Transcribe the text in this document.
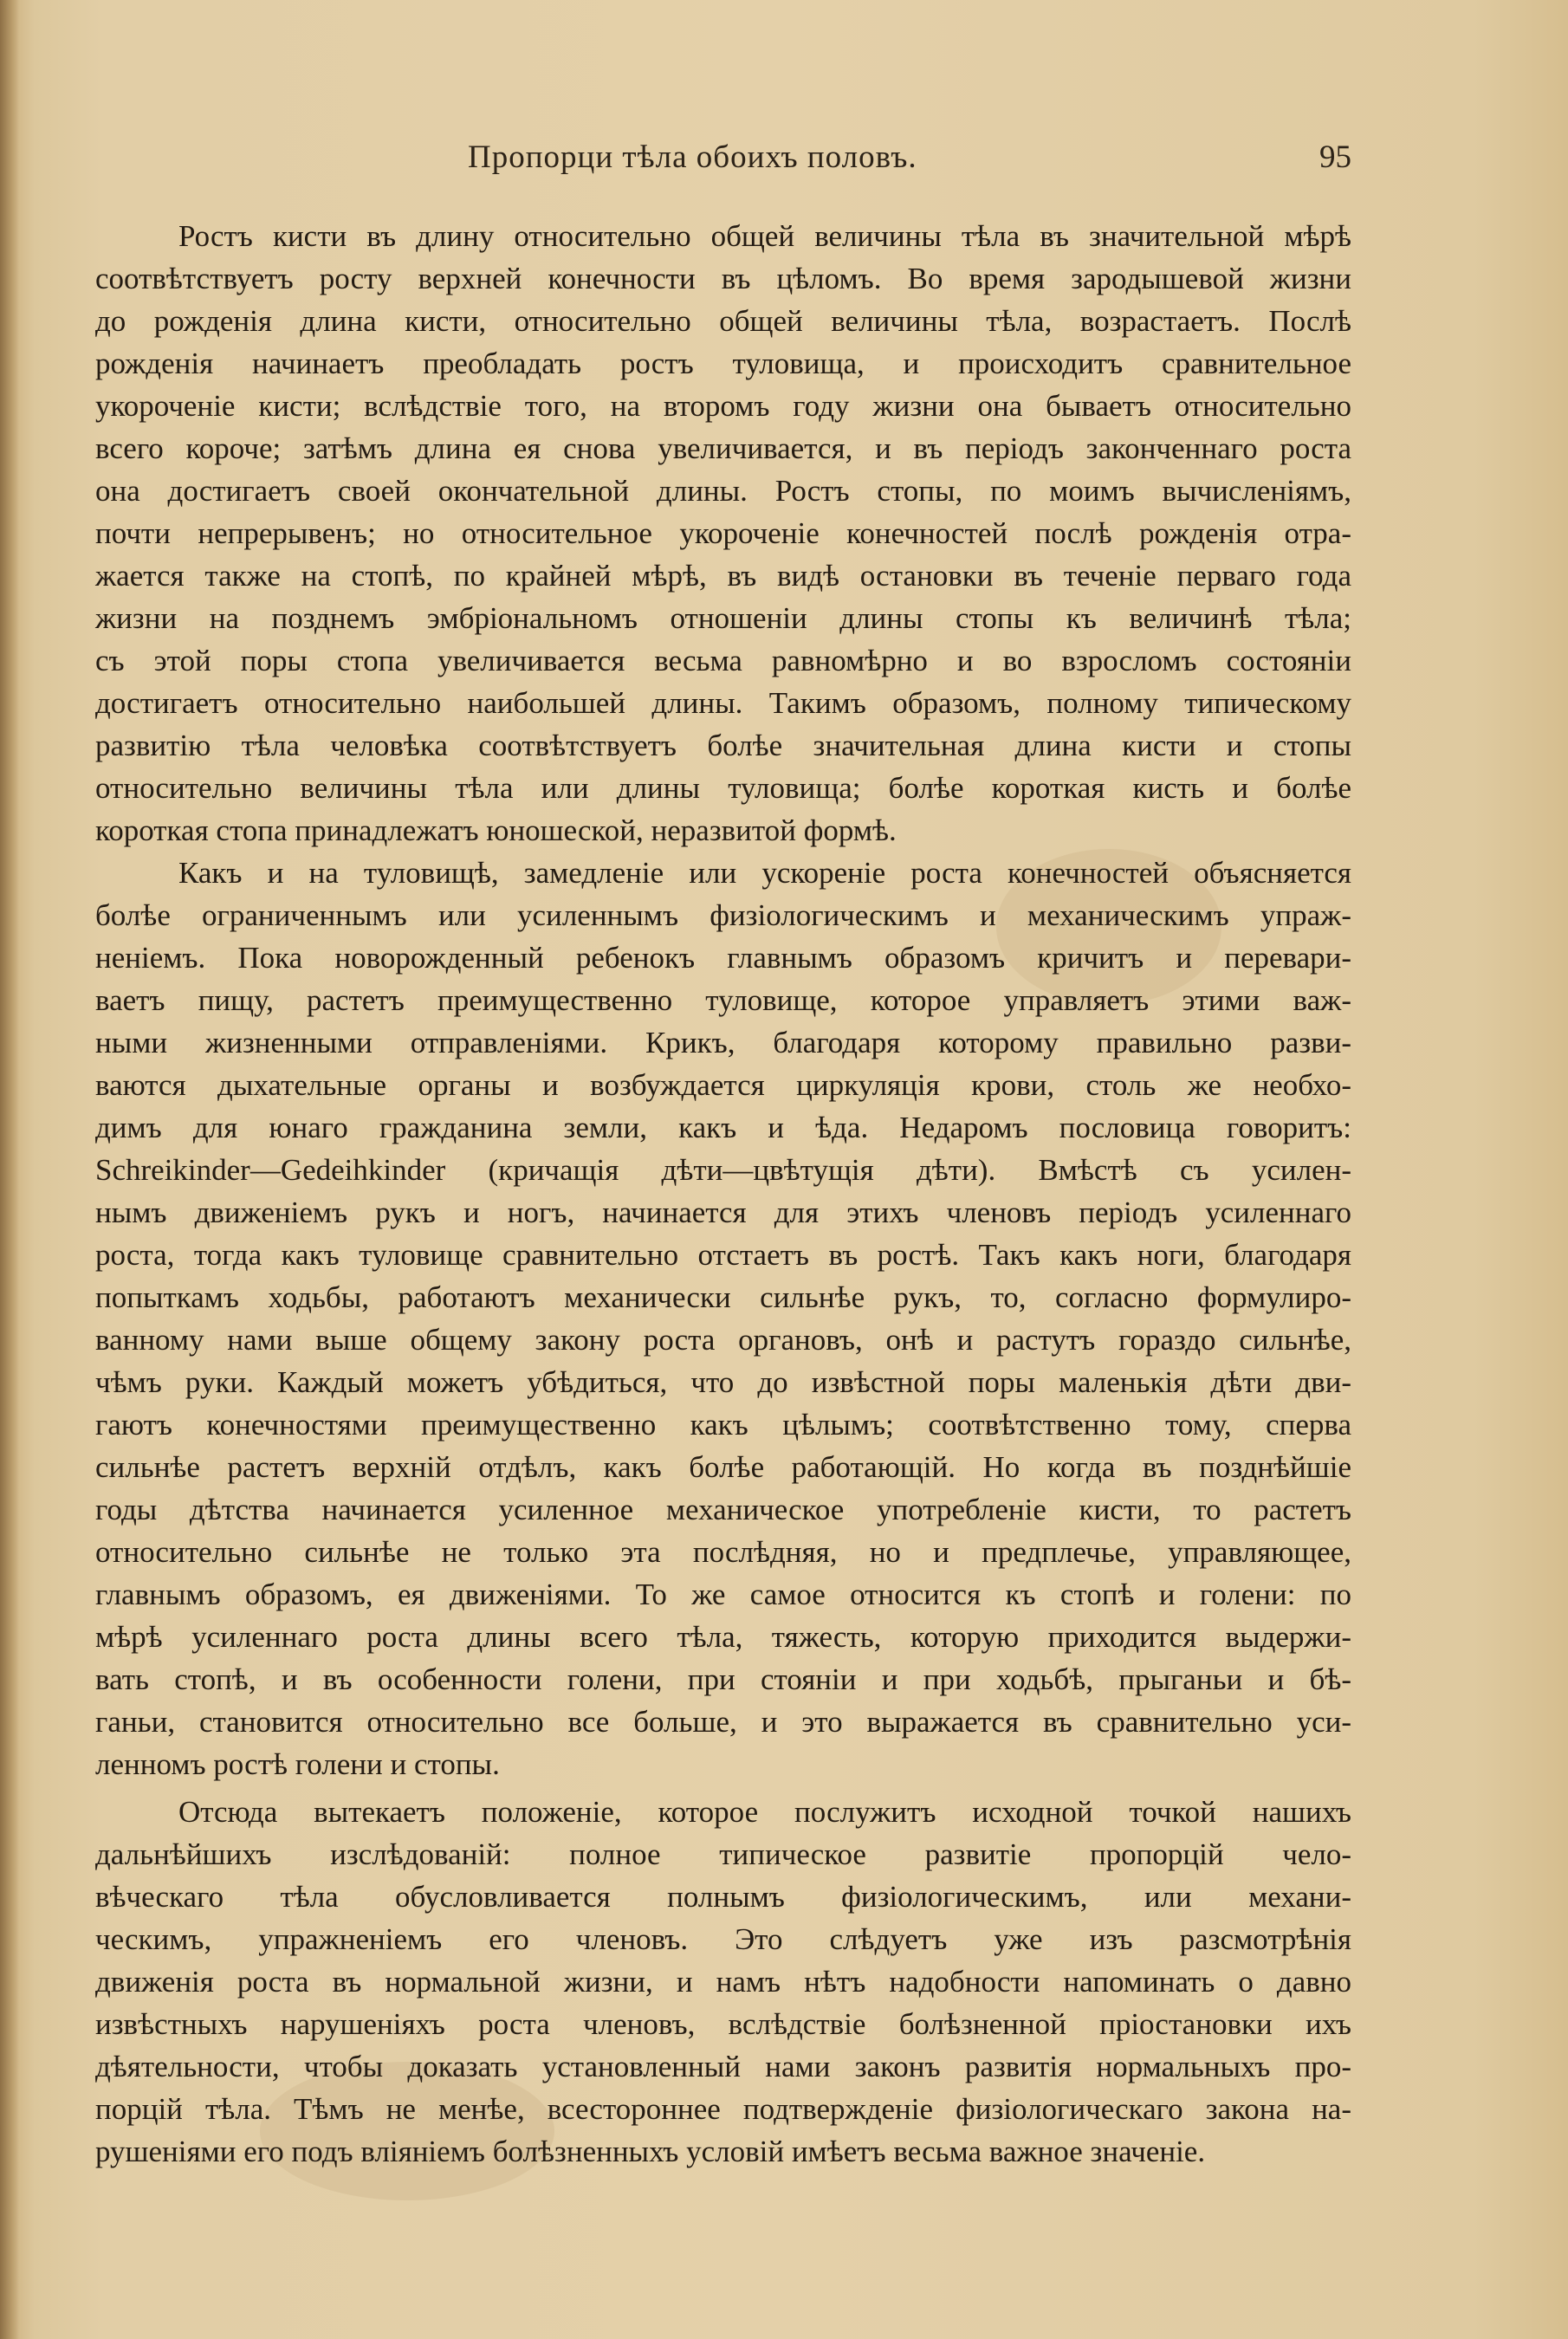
Пропорци тѣла обоихъ половъ.	95
Ростъ кисти въ длину относительно общей величины тѣла въ значительной мѣрѣ
соотвѣтствуетъ росту верхней конечности въ цѣломъ. Во время зародышевой жизни
до рожденія длина кисти, относительно общей величины тѣла, возрастаетъ. Послѣ
рожденія начинаетъ преобладать ростъ туловища, и происходитъ сравнительное
укороченіе кисти; вслѣдствіе того, на второмъ году жизни она бываетъ относительно
всего короче; затѣмъ длина ея снова увеличивается, и въ періодъ законченнаго роста
она достигаетъ своей окончательной длины. Ростъ стопы, по моимъ вычисленіямъ,
почти непрерывенъ; но относительное укороченіе конечностей послѣ рожденія отра-
жается также на стопѣ, по крайней мѣрѣ, въ видѣ остановки въ теченіе перваго года
жизни на позднемъ эмбріональномъ отношеніи длины стопы къ величинѣ тѣла;
съ этой поры стопа увеличивается весьма равномѣрно и во взросломъ состояніи
достигаетъ относительно наибольшей длины. Такимъ образомъ, полному типическому
развитію тѣла человѣка соотвѣтствуетъ болѣе значительная длина кисти и стопы
относительно величины тѣла или длины туловища; болѣе короткая кисть и болѣе
короткая стопа принадлежатъ юношеской, неразвитой формѣ.
Какъ и на туловищѣ, замедленіе или ускореніе роста конечностей объясняется
болѣе ограниченнымъ или усиленнымъ физіологическимъ и механическимъ упраж-
неніемъ. Пока новорожденный ребенокъ главнымъ образомъ кричитъ и перевари-
ваетъ пищу, растетъ преимущественно туловище, которое управляетъ этими важ-
ными жизненными отправленіями. Крикъ, благодаря которому правильно разви-
ваются дыхательные органы и возбуждается циркуляція крови, столь же необхо-
димъ для юнаго гражданина земли, какъ и ѣда. Недаромъ пословица говоритъ:
Schreikinder—Gedeihkinder (кричащія дѣти—цвѣтущія дѣти). Вмѣстѣ съ усилен-
нымъ движеніемъ рукъ и ногъ, начинается для этихъ членовъ періодъ усиленнаго
роста, тогда какъ туловище сравнительно отстаетъ въ ростѣ. Такъ какъ ноги, благодаря
попыткамъ ходьбы, работаютъ механически сильнѣе рукъ, то, согласно формулиро-
ванному нами выше общему закону роста органовъ, онѣ и растутъ гораздо сильнѣе,
чѣмъ руки. Каждый можетъ убѣдиться, что до извѣстной поры маленькія дѣти дви-
гаютъ конечностями преимущественно какъ цѣлымъ; соотвѣтственно тому, сперва
сильнѣе растетъ верхній отдѣлъ, какъ болѣе работающій. Но когда въ позднѣйшіе
годы дѣтства начинается усиленное механическое употребленіе кисти, то растетъ
относительно сильнѣе не только эта послѣдняя, но и предплечье, управляющее,
главнымъ образомъ, ея движеніями. То же самое относится къ стопѣ и голени: по
мѣрѣ усиленнаго роста длины всего тѣла, тяжесть, которую приходится выдержи-
вать стопѣ, и въ особенности голени, при стояніи и при ходьбѣ, прыганьи и бѣ-
ганьи, становится относительно все больше, и это выражается въ сравнительно уси-
ленномъ ростѣ голени и стопы.
Отсюда вытекаетъ положеніе, которое послужитъ исходной точкой нашихъ
дальнѣйшихъ изслѣдованій: полное типическое развитіе пропорцій чело-
вѣческаго тѣла обусловливается полнымъ физіологическимъ, или механи-
ческимъ, упражненіемъ его членовъ. Это слѣдуетъ уже изъ разсмотрѣнія
движенія роста въ нормальной жизни, и намъ нѣтъ надобности напоминать о давно
извѣстныхъ нарушеніяхъ роста членовъ, вслѣдствіе болѣзненной пріостановки ихъ
дѣятельности, чтобы доказать установленный нами законъ развитія нормальныхъ про-
порцій тѣла. Тѣмъ не менѣе, всестороннее подтвержденіе физіологическаго закона на-
рушеніями его подъ вліяніемъ болѣзненныхъ условій имѣетъ весьма важное значеніе.
